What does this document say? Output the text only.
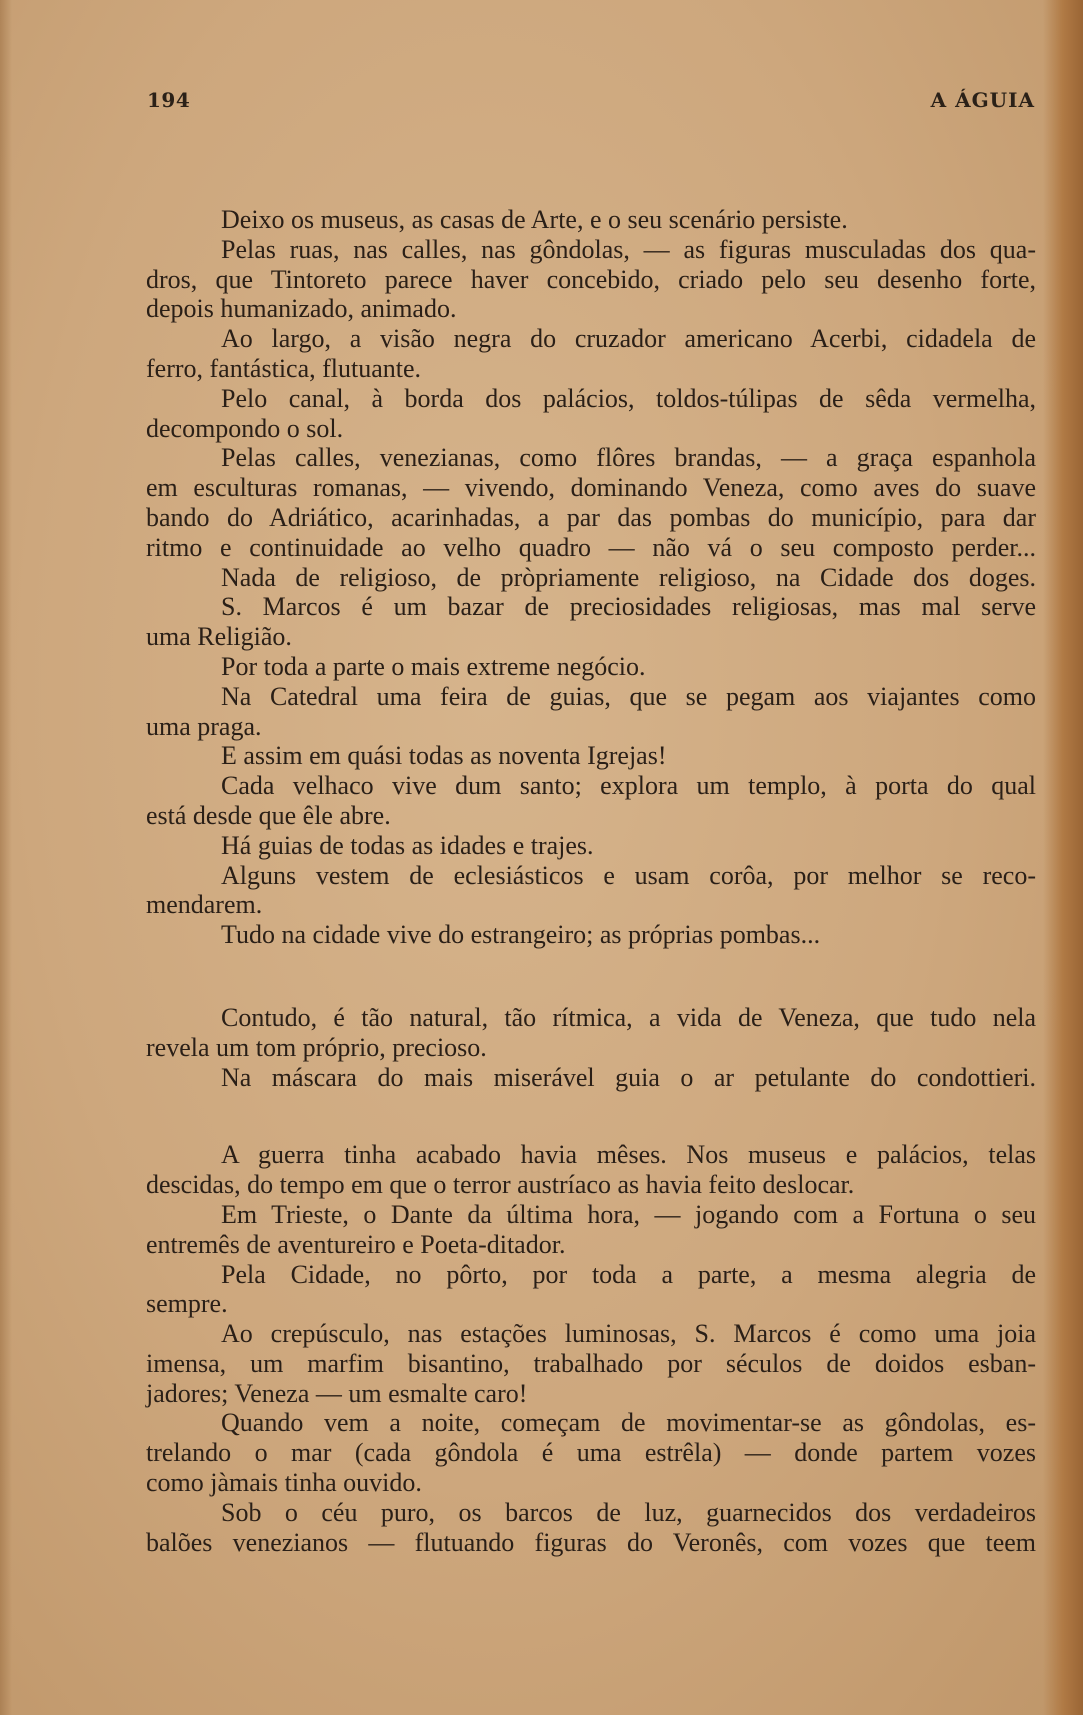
194	A ÁGUIA
Deixo os museus, as casas de Arte, e o seu scenário persiste.
Pelas ruas, nas calles, nas gôndolas, — as figuras musculadas dos qua-
dros, que Tintoreto parece haver concebido, criado pelo seu desenho forte,
depois humanizado, animado.
Ao largo, a visão negra do cruzador americano Acerbi, cidadela de
ferro, fantástica, flutuante.
Pelo canal, à borda dos palácios, toldos-túlipas de sêda vermelha,
decompondo o sol.
Pelas calles, venezianas, como flôres brandas, — a graça espanhola
em esculturas romanas, — vivendo, dominando Veneza, como aves do suave
bando do Adriático, acarinhadas, a par das pombas do município, para dar
ritmo e continuidade ao velho quadro — não vá o seu composto perder...
Nada de religioso, de pròpriamente religioso, na Cidade dos doges.
S. Marcos é um bazar de preciosidades religiosas, mas mal serve
uma Religião.
Por toda a parte o mais extreme negócio.
Na Catedral uma feira de guias, que se pegam aos viajantes como
uma praga.
E assim em quási todas as noventa Igrejas!
Cada velhaco vive dum santo; explora um templo, à porta do qual
está desde que êle abre.
Há guias de todas as idades e trajes.
Alguns vestem de eclesiásticos e usam corôa, por melhor se reco-
mendarem.
Tudo na cidade vive do estrangeiro; as próprias pombas...
Contudo, é tão natural, tão rítmica, a vida de Veneza, que tudo nela
revela um tom próprio, precioso.
Na máscara do mais miserável guia o ar petulante do condottieri.
A guerra tinha acabado havia mêses. Nos museus e palácios, telas
descidas, do tempo em que o terror austríaco as havia feito deslocar.
Em Trieste, o Dante da última hora, — jogando com a Fortuna o seu
entremês de aventureiro e Poeta-ditador.
Pela Cidade, no pôrto, por toda a parte, a mesma alegria de
sempre.
Ao crepúsculo, nas estações luminosas, S. Marcos é como uma joia
imensa, um marfim bisantino, trabalhado por séculos de doidos esban-
jadores; Veneza — um esmalte caro!
Quando vem a noite, começam de movimentar-se as gôndolas, es-
trelando o mar (cada gôndola é uma estrêla) — donde partem vozes
como jàmais tinha ouvido.
Sob o céu puro, os barcos de luz, guarnecidos dos verdadeiros
balões venezianos — flutuando figuras do Veronês, com vozes que teem
